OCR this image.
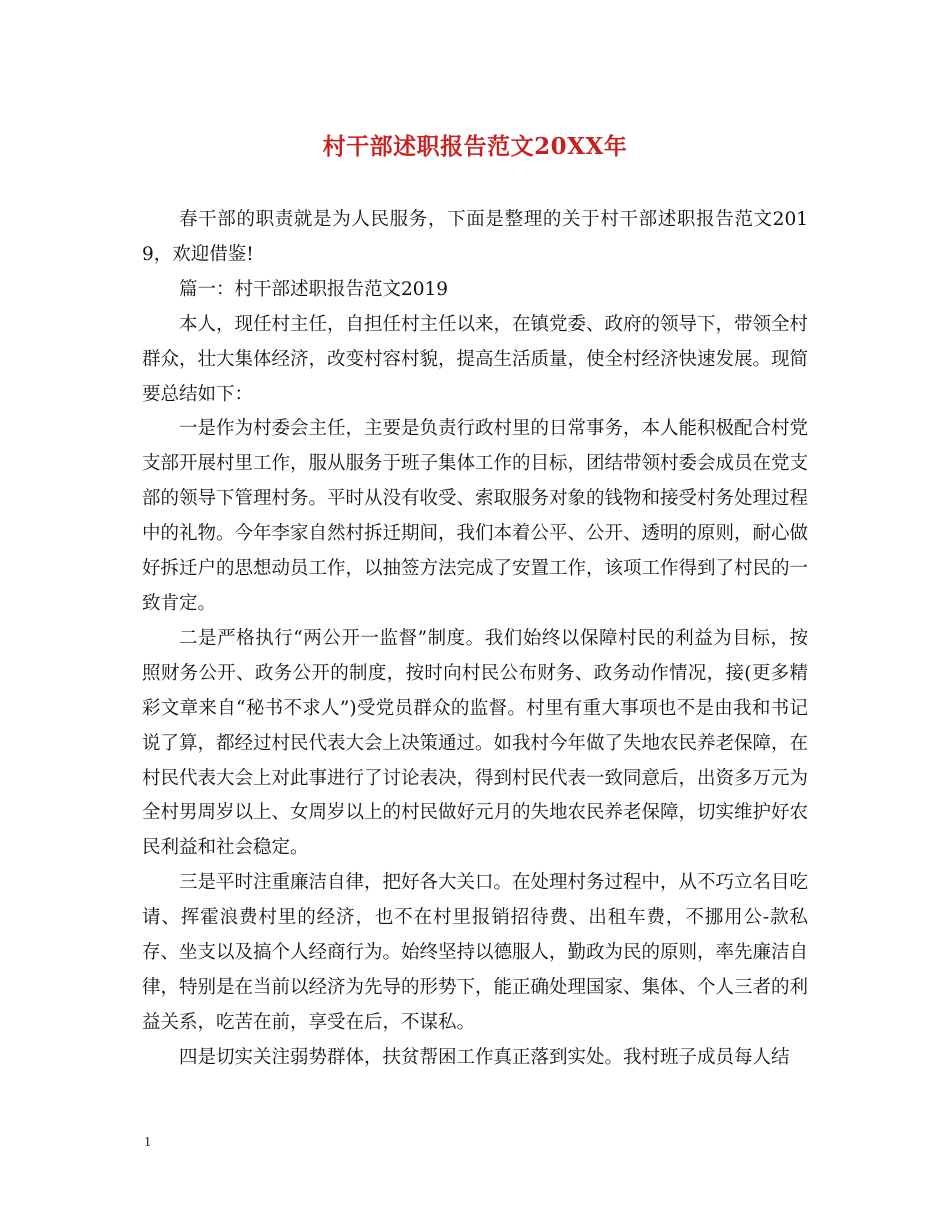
村干部述职报告范文20XX年

春干部的职责就是为人民服务，下面是整理的关于村干部述职报告范文2019，欢迎借鉴!

篇一：村干部述职报告范文2019

本人，现任村主任，自担任村主任以来，在镇党委、政府的领导下，带领全村群众，壮大集体经济，改变村容村貌，提高生活质量，使全村经济快速发展。现简要总结如下：

一是作为村委会主任，主要是负责行政村里的日常事务，本人能积极配合村党支部开展村里工作，服从服务于班子集体工作的目标，团结带领村委会成员在党支部的领导下管理村务。平时从没有收受、索取服务对象的钱物和接受村务处理过程中的礼物。今年李家自然村拆迁期间，我们本着公平、公开、透明的原则，耐心做好拆迁户的思想动员工作，以抽签方法完成了安置工作，该项工作得到了村民的一致肯定。

二是严格执行“两公开一监督”制度。我们始终以保障村民的利益为目标，按照财务公开、政务公开的制度，按时向村民公布财务、政务动作情况，接(更多精彩文章来自“秘书不求人”)受党员群众的监督。村里有重大事项也不是由我和书记说了算，都经过村民代表大会上决策通过。如我村今年做了失地农民养老保障，在村民代表大会上对此事进行了讨论表决，得到村民代表一致同意后，出资多万元为全村男周岁以上、女周岁以上的村民做好元月的失地农民养老保障，切实维护好农民利益和社会稳定。

三是平时注重廉洁自律，把好各大关口。在处理村务过程中，从不巧立名目吃请、挥霍浪费村里的经济，也不在村里报销招待费、出租车费，不挪用公-款私存、坐支以及搞个人经商行为。始终坚持以德服人，勤政为民的原则，率先廉洁自律，特别是在当前以经济为先导的形势下，能正确处理国家、集体、个人三者的利益关系，吃苦在前，享受在后，不谋私。

四是切实关注弱势群体，扶贫帮困工作真正落到实处。我村班子成员每人结

1
